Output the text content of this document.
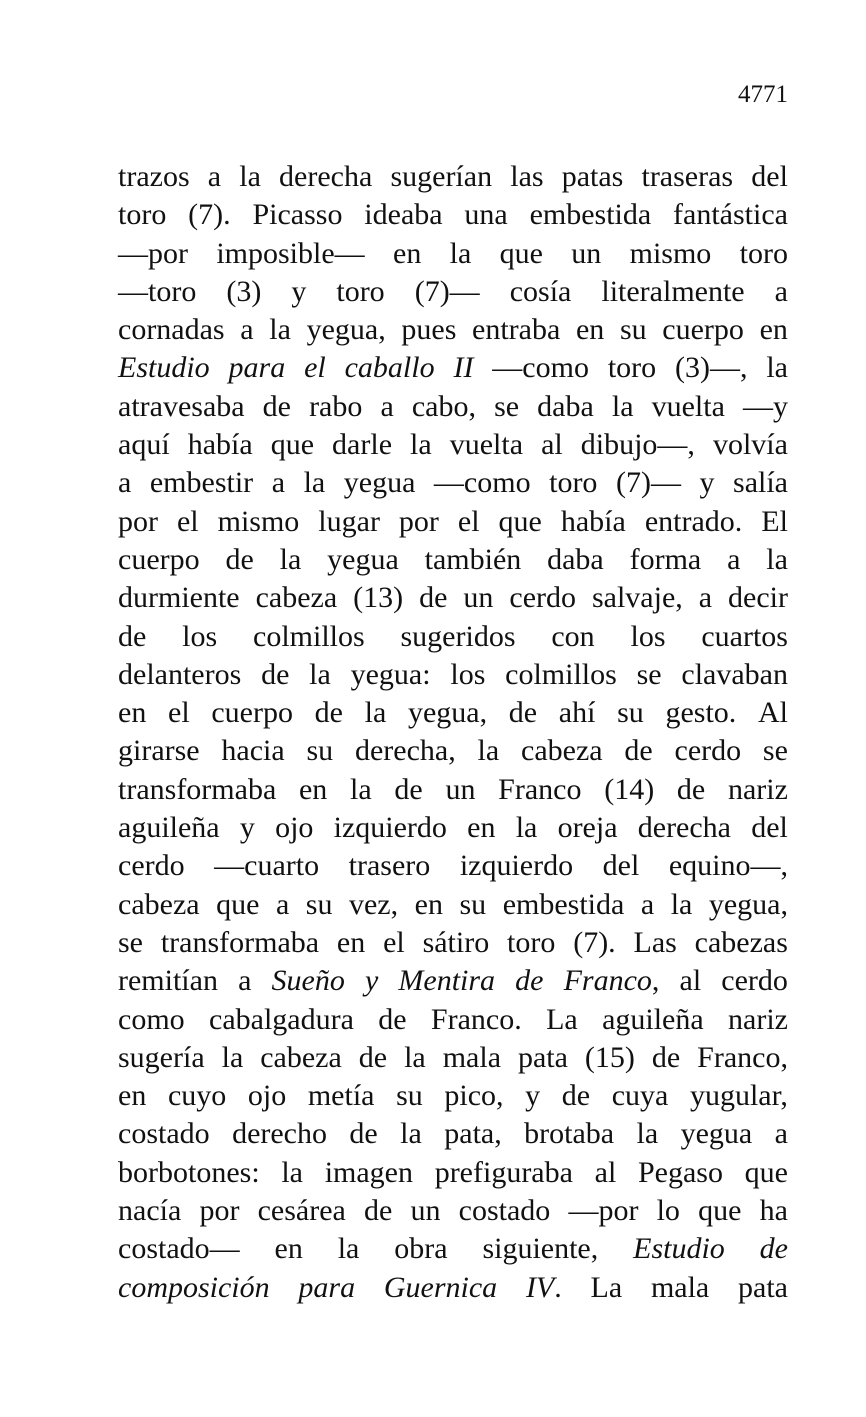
4771
trazos a la derecha sugerían las patas traseras del
toro (7). Picasso ideaba una embestida fantástica
—por imposible— en la que un mismo toro
—toro (3) y toro (7)— cosía literalmente a
cornadas a la yegua, pues entraba en su cuerpo en
Estudio para el caballo II —como toro (3)—, la
atravesaba de rabo a cabo, se daba la vuelta —y
aquí había que darle la vuelta al dibujo—, volvía
a embestir a la yegua —como toro (7)— y salía
por el mismo lugar por el que había entrado. El
cuerpo de la yegua también daba forma a la
durmiente cabeza (13) de un cerdo salvaje, a decir
de los colmillos sugeridos con los cuartos
delanteros de la yegua: los colmillos se clavaban
en el cuerpo de la yegua, de ahí su gesto. Al
girarse hacia su derecha, la cabeza de cerdo se
transformaba en la de un Franco (14) de nariz
aguileña y ojo izquierdo en la oreja derecha del
cerdo —cuarto trasero izquierdo del equino—,
cabeza que a su vez, en su embestida a la yegua,
se transformaba en el sátiro toro (7). Las cabezas
remitían a Sueño y Mentira de Franco, al cerdo
como cabalgadura de Franco. La aguileña nariz
sugería la cabeza de la mala pata (15) de Franco,
en cuyo ojo metía su pico, y de cuya yugular,
costado derecho de la pata, brotaba la yegua a
borbotones: la imagen prefiguraba al Pegaso que
nacía por cesárea de un costado —por lo que ha
costado— en la obra siguiente, Estudio de
composición para Guernica IV. La mala pata
